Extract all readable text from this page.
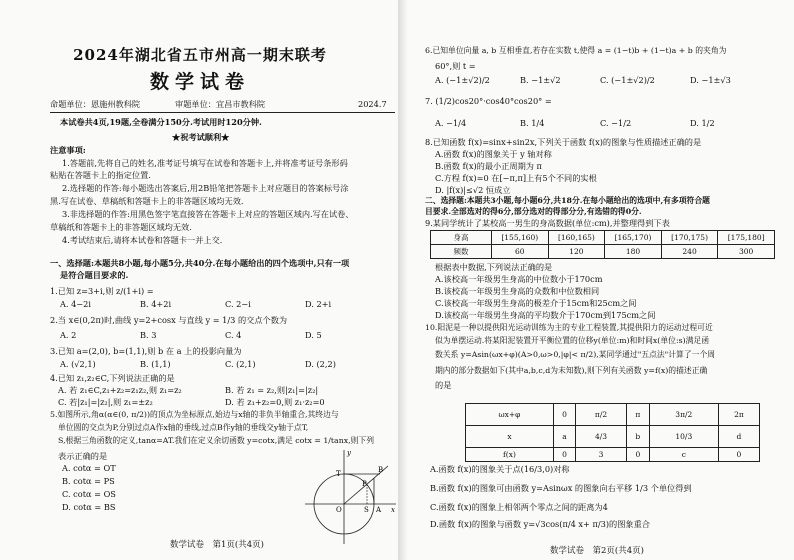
2024年湖北省五市州高一期末联考
数学试卷
命题单位：恩施州教科院	审题单位：宜昌市教科院	2024.7
本试卷共4页,19题,全卷满分150分.考试用时120分钟.
★祝考试顺利★
注意事项:
1.答题前,先将自己的姓名,准考证号填写在试卷和答题卡上,并将准考证号条形码
粘贴在答题卡上的指定位置.
2.选择题的作答:每小题选出答案后,用2B铅笔把答题卡上对应题目的答案标号涂
黑.写在试卷、草稿纸和答题卡上的非答题区域均无效.
3.非选择题的作答:用黑色签字笔直接答在答题卡上对应的答题区域内.写在试卷、
草稿纸和答题卡上的非答题区域均无效.
4.考试结束后,请将本试卷和答题卡一并上交.
一、选择题:本题共8小题,每小题5分,共40分.在每小题给出的四个选项中,只有一项
是符合题目要求的.
1.已知 z=3+i,则 z/(1+i) =
A. 4−2i	B. 4+2i	C. 2−i	D. 2+i
2.当 x∈(0,2π)时,曲线 y=2+cosx 与直线 y = 1/3 的交点个数为
A. 2	B. 3	C. 4	D. 5
3.已知 a=(2,0), b=(1,1),则 b 在 a 上的投影向量为
A. (√2,1)	B. (1,1)	C. (2,1)	D. (2,2)
4.已知 z₁,z₂∈C,下列说法正确的是
A. 若 z₁∈C,z₁+z₂=z₁z₂,则 z₁=z₂	B. 若 z₁ = z₂,则|z₁|=|z₂|
C. 若|z₁|=|z₂|,则 z₁=±z₂	D. 若 z₁+z₂=0,则 z₁·z₂=0
5.如图所示,角α(α∈(0, π/2))的顶点为坐标原点,始边与x轴的非负半轴重合,其终边与
单位圆的交点为P,分别过点A作x轴的垂线,过点B作y轴的垂线交y轴于点T,
S,根据三角函数的定义,tanα=AT.我们在定义余切函数 y=cotx,满足 cotx = 1/tanx,则下列
表示正确的是
A. cotα = OT
B. cotα = PS
C. cotα = OS
D. cotα = BS
y
T	B
P
O	S A x
数学试卷　第1页(共4页)
6.已知单位向量 a, b 互相垂直,若存在实数 t,使得 a = (1−t)b + (1−t)a + b 的夹角为
60°,则 t =
A. (−1±√2)/2	B. −1±√2	C. (−1±√2)/2	D. −1±√3
7. (1/2)cos20°·cos40°cos20° =
A. −1/4	B. 1/4	C. −1/2	D. 1/2
8.已知函数 f(x)=sinx+sin2x,下列关于函数 f(x)的图象与性质描述正确的是
A.函数 f(x)的图象关于 y 轴对称
B.函数 f(x)的最小正周期为 π
C.方程 f(x)=0 在[−π,π]上有5个不同的实根
D. |f(x)|≤√2 恒成立
二、选择题:本题共3小题,每小题6分,共18分.在每小题给出的选项中,有多项符合题
目要求.全部选对的得6分,部分选对的得部分分,有选错的得0分.
9.某同学统计了某校高一男生的身高数据(单位:cm),并整理得到下表
身高	[155,160)	[160,165)	[165,170)	[170,175)	[175,180]
频数	60	120	180	240	300
根据表中数据,下列说法正确的是
A.该校高一年级男生身高的中位数小于170cm
B.该校高一年级男生身高的众数和中位数相同
C.该校高一年级男生身高的极差介于15cm和25cm之间
D.该校高一年级男生身高的平均数介于170cm到175cm之间
10.阳泥是一种以提供阳光运动训练为主的专业工程装置,其提供阳力的运动过程可近
似为单摆运动.将某阳泥装置开平衡位置的位移y(单位:m)和时间x(单位:s)满足函
数关系 y=Asin(ωx+φ)(A>0,ω>0,|φ|< π/2),某同学通过"五点法"计算了一个周
期内的部分数据如下(其中a,b,c,d为未知数),则下列有关函数 y=f(x)的描述正确
的是
ωx+φ	0	π/2	π	3π/2	2π
x	a	4/3	b	10/3	d
f(x)	0	3	0	c	0
A.函数 f(x)的图象关于点(16/3,0)对称
B.函数 f(x)的图象可由函数 y=Asinωx 的图象向右平移 1/3 个单位得到
C.函数 f(x)的图象上相邻两个零点之间的距离为4
D.函数 f(x)的图象与函数 y=√3cos(π/4 x+ π/3)的图象重合
数学试卷　第2页(共4页)
